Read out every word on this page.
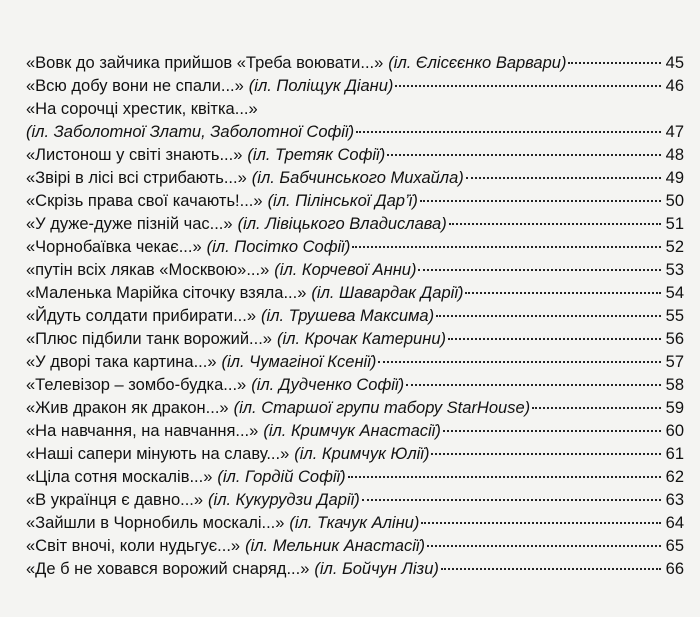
«Вовк до зайчика прийшов «Треба воювати...» (іл. Єлісєєнко Варвари)	45
«Всю добу вони не спали...» (іл. Поліщук Діани)	46
«На сорочці хрестик, квітка...»
(іл. Заболотної Злати, Заболотної Софії)	47
«Листонош у світі знають...» (іл. Третяк Софії)	48
«Звірі в лісі всі стрибають...» (іл. Бабчинського Михайла)	49
«Скрізь права свої качають!...» (іл. Пілінської Дар’ї)	50
«У дуже-дуже пізній час...» (іл. Лівіцького Владислава)	51
«Чорнобаївка чекає...» (іл. Посітко Софії)	52
«путін всіх лякав «Москвою»...» (іл. Корчевої Анни)	53
«Маленька Марійка сіточку взяла...» (іл. Шавардак Дарії)	54
«Йдуть солдати прибирати...» (іл. Трушева Максима)	55
«Плюс підбили танк ворожий...» (іл. Крочак Катерини)	56
«У дворі така картина...» (іл. Чумагіної Ксенії)	57
«Телевізор – зомбо-будка...» (іл. Дудченко Софії)	58
«Жив дракон як дракон...» (іл. Старшої групи табору StarHouse)	59
«На навчання, на навчання...» (іл. Кримчук Анастасії)	60
«Наші сапери мінують на славу...» (іл. Кримчук Юлії)	61
«Ціла сотня москалів...» (іл. Гордій Софії)	62
«В українця є давно...» (іл. Кукурудзи Дарії)	63
«Зайшли в Чорнобиль москалі...» (іл. Ткачук Аліни)	64
«Світ вночі, коли нудьгує...» (іл. Мельник Анастасії)	65
«Де б не ховався ворожий снаряд...» (іл. Бойчун Лізи)	66
